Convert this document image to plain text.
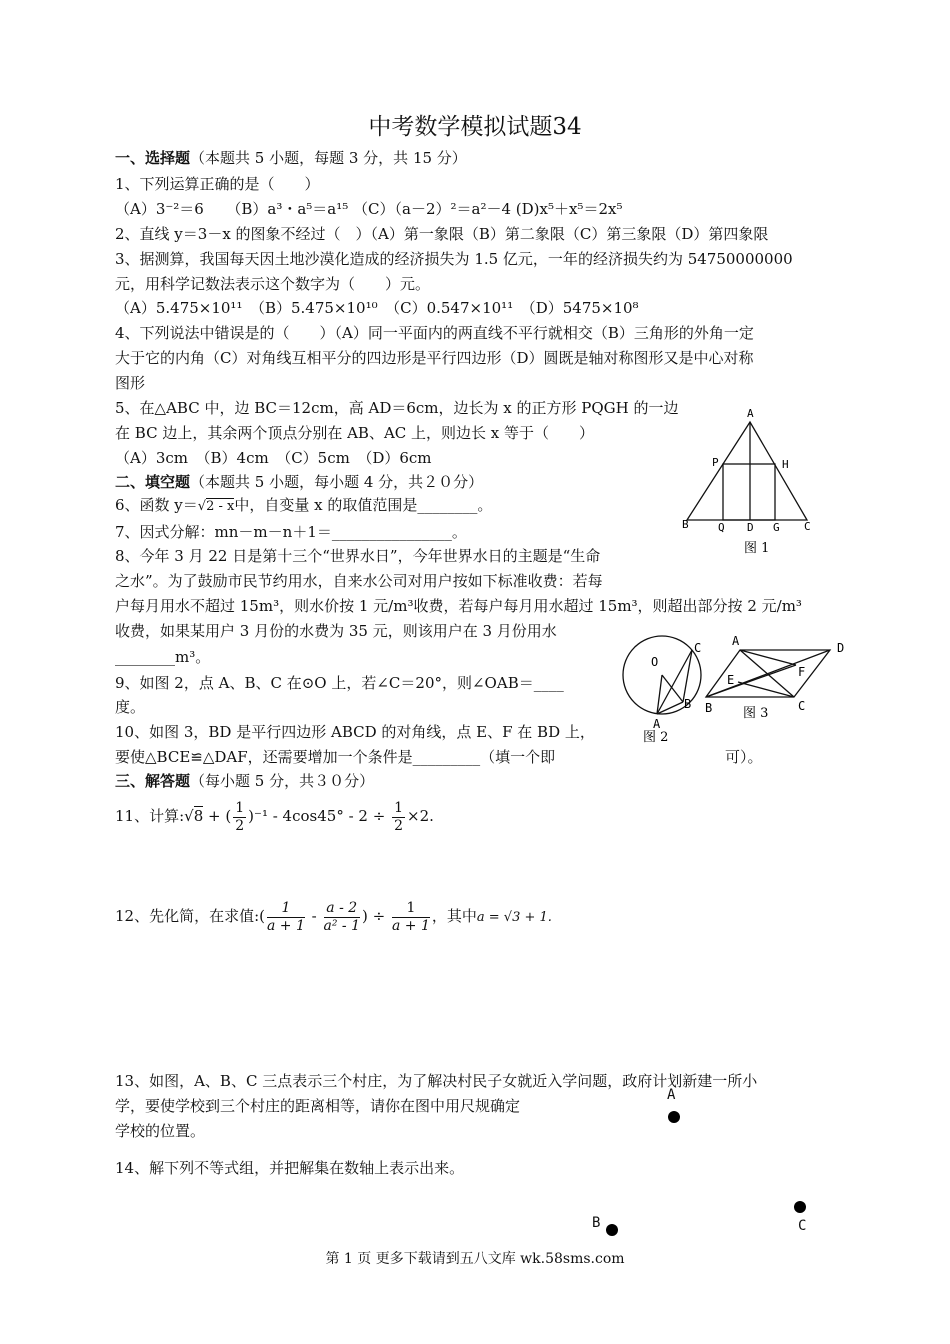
中考数学模拟试题34
一、选择题（本题共 5 小题，每题 3 分，共 15 分）
1、下列运算正确的是（　　）
（A）3⁻²＝6　　（B）a³・a⁵＝a¹⁵ （C）（a－2）²＝a²－4 (D)x⁵＋x⁵＝2x⁵
2、直线 y＝3－x 的图象不经过（　）（A）第一象限（B）第二象限（C）第三象限（D）第四象限
3、据测算，我国每天因土地沙漠化造成的经济损失为 1.5 亿元，一年的经济损失约为 54750000000
元，用科学记数法表示这个数字为（　　）元。
（A）5.475×10¹¹　（B）5.475×10¹⁰　（C）0.547×10¹¹　（D）5475×10⁸
4、下列说法中错误是的（　　）（A）同一平面内的两直线不平行就相交（B）三角形的外角一定
大于它的内角（C）对角线互相平分的四边形是平行四边形（D）圆既是轴对称图形又是中心对称
图形
5、在△ABC 中，边 BC＝12cm，高 AD＝6cm，边长为 x 的正方形 PQGH 的一边
在 BC 边上，其余两个顶点分别在 AB、AC 上，则边长 x 等于（　　）
（A）3cm　（B）4cm　（C）5cm　（D）6cm
二、填空题（本题共 5 小题，每小题 4 分，共２０分）
6、函数 y＝√2 - x中，自变量 x 的取值范围是________。
7、因式分解：mn－m－n＋1＝________________。
8、今年 3 月 22 日是第十三个“世界水日”，今年世界水日的主题是“生命
之水”。为了鼓励市民节约用水，自来水公司对用户按如下标准收费：若每
户每月用水不超过 15m³，则水价按 1 元/m³收费，若每户每月用水超过 15m³，则超出部分按 2 元/m³
收费，如果某用户 3 月份的水费为 35 元，则该用户在 3 月份用水
________m³。
9、如图 2，点 A、B、C 在⊙O 上，若∠C＝20°，则∠OAB＝____
度。
10、如图 3，BD 是平行四边形 ABCD 的对角线，点 E、F 在 BD 上，
要使△BCE≌△DAF，还需要增加一个条件是_________（填一个即	可）。
三、解答题（每小题 5 分，共３０分）
11、计算:√8 + ( $\frac{1}{2} )^{-1} - 4\cos 45^\circ - 2 \div \frac{1}{2} \times 2$.
12、先化简，在求值:( $\frac{1}{a + 1} - \frac{a - 2}{\text{a² - 1}}$ ) ÷ $\frac{1}{a + 1}$ ，其中a = √3 + 1.
13、如图，A、B、C 三点表示三个村庄，为了解决村民子女就近入学问题，政府计划新建一所小
学，要使学校到三个村庄的距离相等，请你在图中用尺规确定
学校的位置。
14、解下列不等式组，并把解集在数轴上表示出来。
A
P	H
B	Q D G C
图 1
O
C
A
B
图 2
A	D
E
F
B	C
图 3
A
B	C
第 1 页 更多下载请到五八文库 wk.58sms.com
